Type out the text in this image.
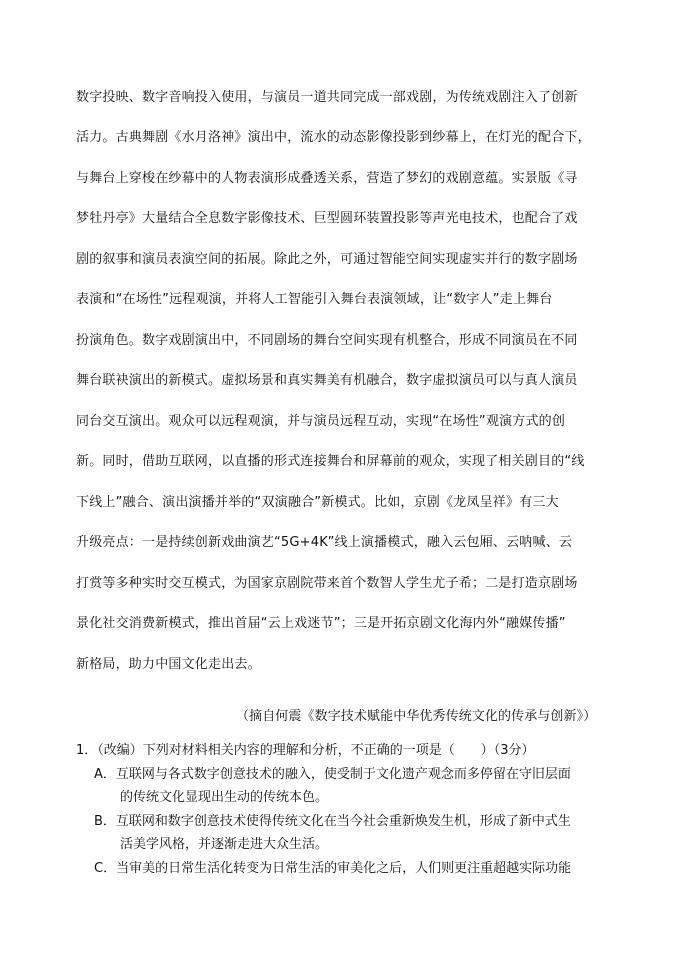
数字投映、数字音响投入使用，与演员一道共同完成一部戏剧，为传统戏剧注入了创新
活力。古典舞剧《水月洛神》演出中，流水的动态影像投影到纱幕上，在灯光的配合下，
与舞台上穿梭在纱幕中的人物表演形成叠透关系，营造了梦幻的戏剧意蕴。实景版《寻
梦牡丹亭》大量结合全息数字影像技术、巨型圆环装置投影等声光电技术，也配合了戏
剧的叙事和演员表演空间的拓展。除此之外，可通过智能空间实现虚实并行的数字剧场
表演和“在场性”远程观演，并将人工智能引入舞台表演领域，让“数字人”走上舞台
扮演角色。数字戏剧演出中，不同剧场的舞台空间实现有机整合，形成不同演员在不同
舞台联袂演出的新模式。虚拟场景和真实舞美有机融合，数字虚拟演员可以与真人演员
同台交互演出。观众可以远程观演，并与演员远程互动，实现“在场性”观演方式的创
新。同时，借助互联网，以直播的形式连接舞台和屏幕前的观众，实现了相关剧目的“线
下线上”融合、演出演播并举的“双演融合”新模式。比如，京剧《龙凤呈祥》有三大
升级亮点：一是持续创新戏曲演艺“5G+4K”线上演播模式，融入云包厢、云呐喊、云
打赏等多种实时交互模式，为国家京剧院带来首个数智人学生尤子希；二是打造京剧场
景化社交消费新模式，推出首届“云上戏迷节”；三是开拓京剧文化海内外“融媒传播”
新格局，助力中国文化走出去。
（摘自何震《数字技术赋能中华优秀传统文化的传承与创新》）
1．（改编）下列对材料相关内容的理解和分析，不正确的一项是（　　）（3分）
A．互联网与各式数字创意技术的融入，使受制于文化遗产观念而多停留在守旧层面
的传统文化显现出生动的传统本色。
B．互联网和数字创意技术使得传统文化在当今社会重新焕发生机，形成了新中式生
活美学风格，并逐渐走进大众生活。
C．当审美的日常生活化转变为日常生活的审美化之后，人们则更注重超越实际功能
